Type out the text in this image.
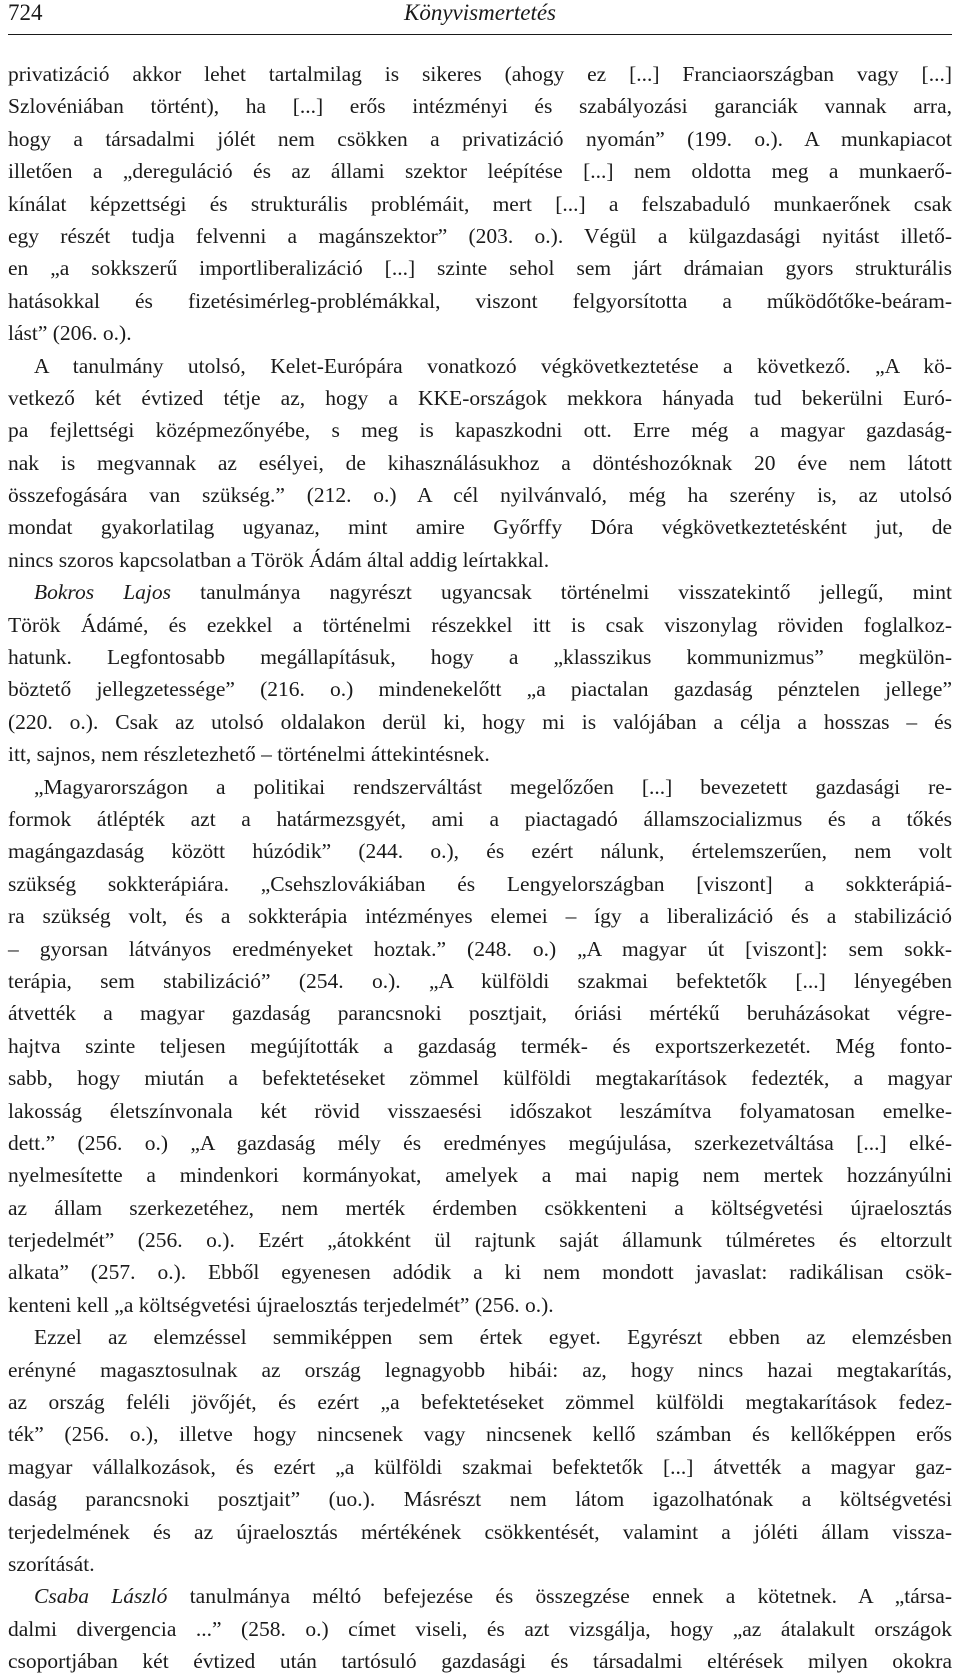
724	Könyvismertetés
privatizáció akkor lehet tartalmilag is sikeres (ahogy ez [...] Franciaországban vagy [...]
Szlovéniában történt), ha [...] erős intézményi és szabályozási garanciák vannak arra,
hogy a társadalmi jólét nem csökken a privatizáció nyomán” (199. o.). A munkapiacot
illetően a „dereguláció és az állami szektor leépítése [...] nem oldotta meg a munkaerő-
kínálat képzettségi és strukturális problémáit, mert [...] a felszabaduló munkaerőnek csak
egy részét tudja felvenni a magánszektor” (203. o.). Végül a külgazdasági nyitást illető-
en „a sokkszerű importliberalizáció [...] szinte sehol sem járt drámaian gyors strukturális
hatásokkal és fizetésimérleg-problémákkal, viszont felgyorsította a működőtőke-beáram-
lást” (206. o.).
A tanulmány utolsó, Kelet-Európára vonatkozó végkövetkeztetése a következő. „A kö-
vetkező két évtized tétje az, hogy a KKE-országok mekkora hányada tud bekerülni Euró-
pa fejlettségi középmezőnyébe, s meg is kapaszkodni ott. Erre még a magyar gazdaság-
nak is megvannak az esélyei, de kihasználásukhoz a döntéshozóknak 20 éve nem látott
összefogására van szükség.” (212. o.) A cél nyilvánvaló, még ha szerény is, az utolsó
mondat gyakorlatilag ugyanaz, mint amire Győrffy Dóra végkövetkeztetésként jut, de
nincs szoros kapcsolatban a Török Ádám által addig leírtakkal.
Bokros Lajos tanulmánya nagyrészt ugyancsak történelmi visszatekintő jellegű, mint
Török Ádámé, és ezekkel a történelmi részekkel itt is csak viszonylag röviden foglalkoz-
hatunk. Legfontosabb megállapításuk, hogy a „klasszikus kommunizmus” megkülön-
böztető jellegzetessége” (216. o.) mindenekelőtt „a piactalan gazdaság pénztelen jellege”
(220. o.). Csak az utolsó oldalakon derül ki, hogy mi is valójában a célja a hosszas – és
itt, sajnos, nem részletezhető – történelmi áttekintésnek.
„Magyarországon a politikai rendszerváltást megelőzően [...] bevezetett gazdasági re-
formok átlépték azt a határmezsgyét, ami a piactagadó államszocializmus és a tőkés
magángazdaság között húzódik” (244. o.), és ezért nálunk, értelemszerűen, nem volt
szükség sokkterápiára. „Csehszlovákiában és Lengyelországban [viszont] a sokkterápiá-
ra szükség volt, és a sokkterápia intézményes elemei – így a liberalizáció és a stabilizáció
– gyorsan látványos eredményeket hoztak.” (248. o.) „A magyar út [viszont]: sem sokk-
terápia, sem stabilizáció” (254. o.). „A külföldi szakmai befektetők [...] lényegében
átvették a magyar gazdaság parancsnoki posztjait, óriási mértékű beruházásokat végre-
hajtva szinte teljesen megújították a gazdaság termék- és exportszerkezetét. Még fonto-
sabb, hogy miután a befektetéseket zömmel külföldi megtakarítások fedezték, a magyar
lakosság életszínvonala két rövid visszaesési időszakot leszámítva folyamatosan emelke-
dett.” (256. o.) „A gazdaság mély és eredményes megújulása, szerkezetváltása [...] elké-
nyelmesítette a mindenkori kormányokat, amelyek a mai napig nem mertek hozzányúlni
az állam szerkezetéhez, nem merték érdemben csökkenteni a költségvetési újraelosztás
terjedelmét” (256. o.). Ezért „átokként ül rajtunk saját államunk túlméretes és eltorzult
alkata” (257. o.). Ebből egyenesen adódik a ki nem mondott javaslat: radikálisan csök-
kenteni kell „a költségvetési újraelosztás terjedelmét” (256. o.).
Ezzel az elemzéssel semmiképpen sem értek egyet. Egyrészt ebben az elemzésben
erényné magasztosulnak az ország legnagyobb hibái: az, hogy nincs hazai megtakarítás,
az ország feléli jövőjét, és ezért „a befektetéseket zömmel külföldi megtakarítások fedez-
ték” (256. o.), illetve hogy nincsenek vagy nincsenek kellő számban és kellőképpen erős
magyar vállalkozások, és ezért „a külföldi szakmai befektetők [...] átvették a magyar gaz-
daság parancsnoki posztjait” (uo.). Másrészt nem látom igazolhatónak a költségvetési
terjedelmének és az újraelosztás mértékének csökkentését, valamint a jóléti állam vissza-
szorítását.
Csaba László tanulmánya méltó befejezése és összegzése ennek a kötetnek. A „társa-
dalmi divergencia ...” (258. o.) címet viseli, és azt vizsgálja, hogy „az átalakult országok
csoportjában két évtized után tartósuló gazdasági és társadalmi eltérések milyen okokra
